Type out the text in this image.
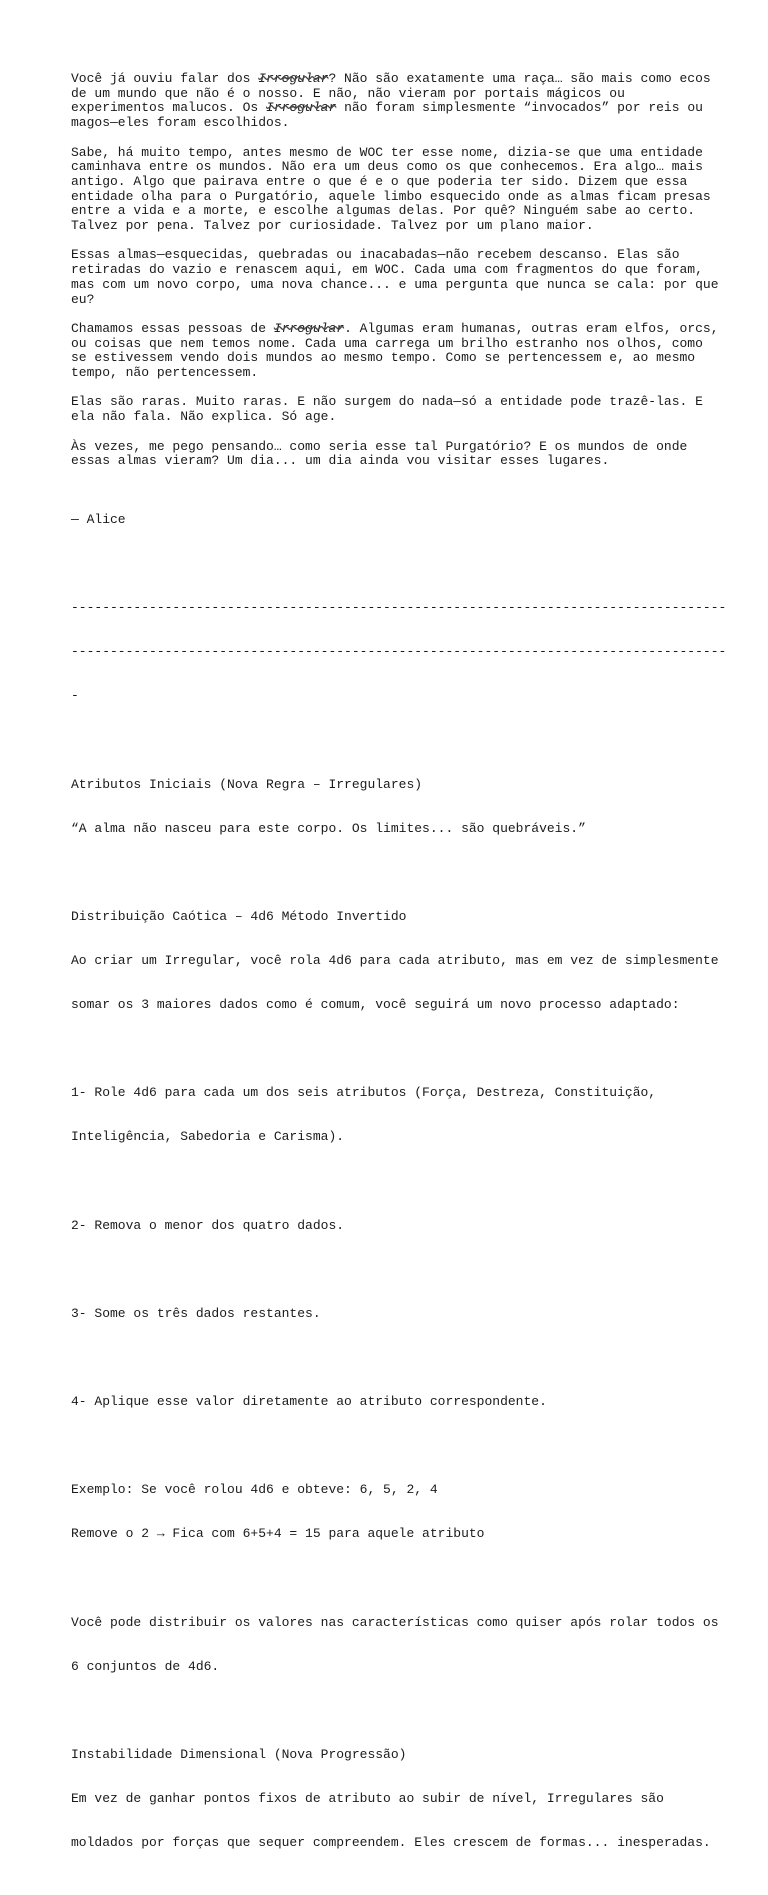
Você já ouviu falar dos Irregular? Não são exatamente uma raça… são mais como ecos
de um mundo que não é o nosso. E não, não vieram por portais mágicos ou
experimentos malucos. Os Irregular não foram simplesmente “invocados” por reis ou
magos—eles foram escolhidos.
Sabe, há muito tempo, antes mesmo de WOC ter esse nome, dizia-se que uma entidade
caminhava entre os mundos. Não era um deus como os que conhecemos. Era algo… mais
antigo. Algo que pairava entre o que é e o que poderia ter sido. Dizem que essa
entidade olha para o Purgatório, aquele limbo esquecido onde as almas ficam presas
entre a vida e a morte, e escolhe algumas delas. Por quê? Ninguém sabe ao certo.
Talvez por pena. Talvez por curiosidade. Talvez por um plano maior.
Essas almas—esquecidas, quebradas ou inacabadas—não recebem descanso. Elas são
retiradas do vazio e renascem aqui, em WOC. Cada uma com fragmentos do que foram,
mas com um novo corpo, uma nova chance... e uma pergunta que nunca se cala: por que
eu?
Chamamos essas pessoas de Irregular. Algumas eram humanas, outras eram elfos, orcs,
ou coisas que nem temos nome. Cada uma carrega um brilho estranho nos olhos, como
se estivessem vendo dois mundos ao mesmo tempo. Como se pertencessem e, ao mesmo
tempo, não pertencessem.
Elas são raras. Muito raras. E não surgem do nada—só a entidade pode trazê-las. E
ela não fala. Não explica. Só age.
Às vezes, me pego pensando… como seria esse tal Purgatório? E os mundos de onde
essas almas vieram? Um dia... um dia ainda vou visitar esses lugares.

— Alice

------------------------------------------------------------------------------------

------------------------------------------------------------------------------------

-

Atributos Iniciais (Nova Regra – Irregulares)

“A alma não nasceu para este corpo. Os limites... são quebráveis.”

Distribuição Caótica – 4d6 Método Invertido

Ao criar um Irregular, você rola 4d6 para cada atributo, mas em vez de simplesmente

somar os 3 maiores dados como é comum, você seguirá um novo processo adaptado:

1- Role 4d6 para cada um dos seis atributos (Força, Destreza, Constituição,

Inteligência, Sabedoria e Carisma).

2- Remova o menor dos quatro dados.

3- Some os três dados restantes.

4- Aplique esse valor diretamente ao atributo correspondente.

Exemplo: Se você rolou 4d6 e obteve: 6, 5, 2, 4

Remove o 2 → Fica com 6+5+4 = 15 para aquele atributo

Você pode distribuir os valores nas características como quiser após rolar todos os

6 conjuntos de 4d6.

Instabilidade Dimensional (Nova Progressão)

Em vez de ganhar pontos fixos de atributo ao subir de nível, Irregulares são

moldados por forças que sequer compreendem. Eles crescem de formas... inesperadas.
